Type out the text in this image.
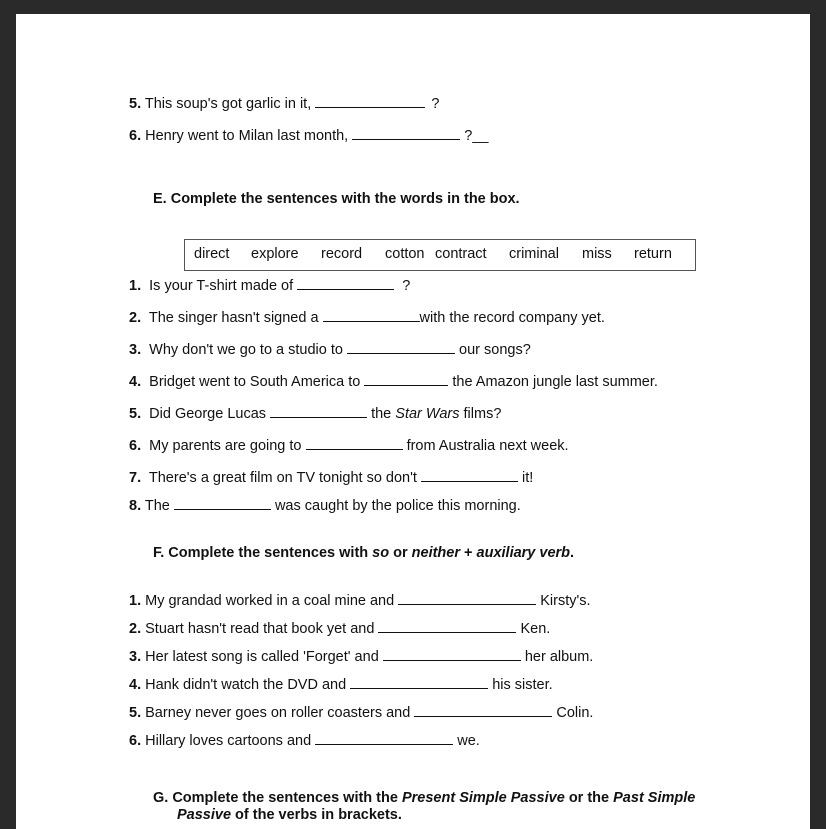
5. This soup's got garlic in it,	?
6. Henry went to Milan last month,	?__
E. Complete the sentences with the words in the box.
direct explore record cotton contract criminal miss return
1. Is your T-shirt made of	?
2. The singer hasn't signed a	with the record company yet.
3. Why don't we go to a studio to	our songs?
4. Bridget went to South America to	the Amazon jungle last summer.
5. Did George Lucas	the Star Wars films?
6. My parents are going to	from Australia next week.
7. There's a great film on TV tonight so don't	it!
8. The	was caught by the police this morning.
F. Complete the sentences with so or neither + auxiliary verb.
1. My grandad worked in a coal mine and	Kirsty's.
2. Stuart hasn't read that book yet and	Ken.
3. Her latest song is called 'Forget' and	her album.
4. Hank didn't watch the DVD and	his sister.
5. Barney never goes on roller coasters and	Colin.
6. Hillary loves cartoons and	we.
G. Complete the sentences with the Present Simple Passive or the Past Simple
Passive of the verbs in brackets.
